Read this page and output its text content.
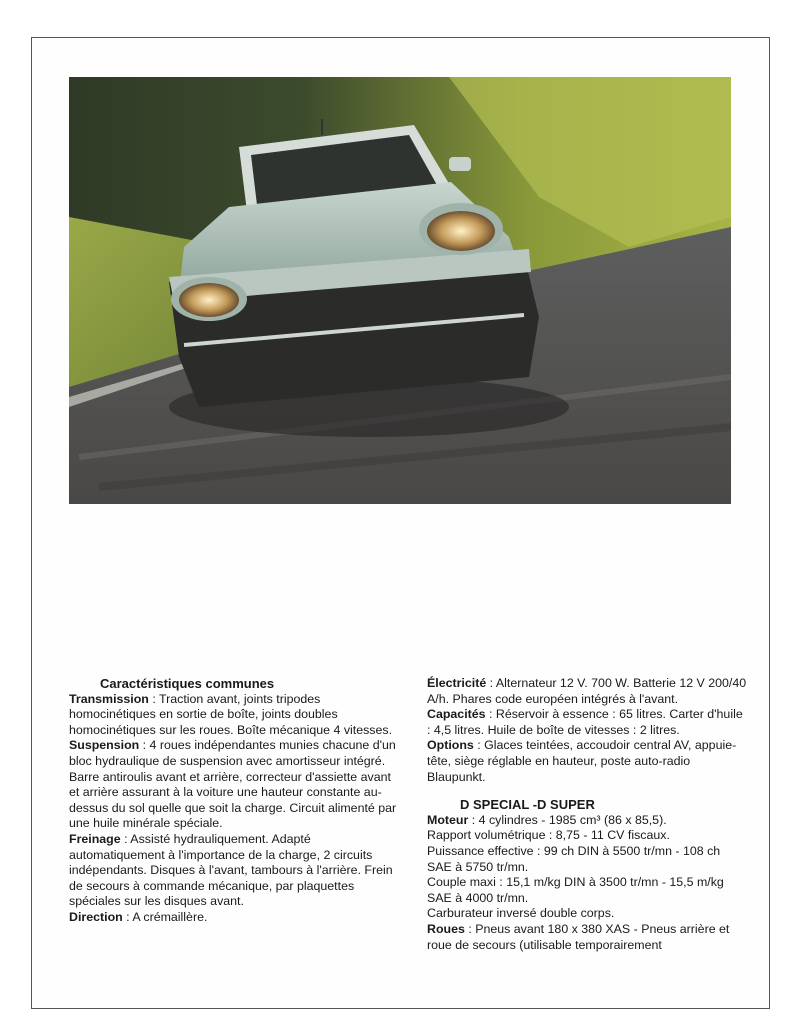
Caractéristiques communes

Transmission : Traction avant, joints tripodes homocinétiques en sortie de boîte, joints doubles homocinétiques sur les roues. Boîte mécanique 4 vitesses.

Suspension : 4 roues indépendantes munies chacune d'un bloc hydraulique de suspension avec amortisseur intégré. Barre antiroulis avant et arrière, correcteur d'assiette avant et arrière assurant à la voiture une hauteur constante au-dessus du sol quelle que soit la charge. Circuit alimenté par une huile minérale spéciale.

Freinage : Assisté hydrauliquement. Adapté automatiquement à l'importance de la charge, 2 circuits indépendants. Disques à l'avant, tambours à l'arrière. Frein de secours à commande mécanique, par plaquettes spéciales sur les disques avant.

Direction : A crémaillère.

Électricité : Alternateur 12 V. 700 W. Batterie 12 V 200/40 A/h. Phares code européen intégrés à l'avant.

Capacités : Réservoir à essence : 65 litres. Carter d'huile : 4,5 litres. Huile de boîte de vitesses : 2 litres.

Options : Glaces teintées, accoudoir central AV, appuie-tête, siège réglable en hauteur, poste auto-radio Blaupunkt.

D SPECIAL -D SUPER

Moteur : 4 cylindres - 1985 cm³ (86 x 85,5).

Rapport volumétrique : 8,75 - 11 CV fiscaux.

Puissance effective : 99 ch DIN à 5500 tr/mn - 108 ch SAE à 5750 tr/mn.

Couple maxi : 15,1 m/kg DIN à 3500 tr/mn - 15,5 m/kg SAE à 4000 tr/mn.

Carburateur inversé double corps.

Roues : Pneus avant 180 x 380 XAS - Pneus arrière et roue de secours (utilisable temporairement
